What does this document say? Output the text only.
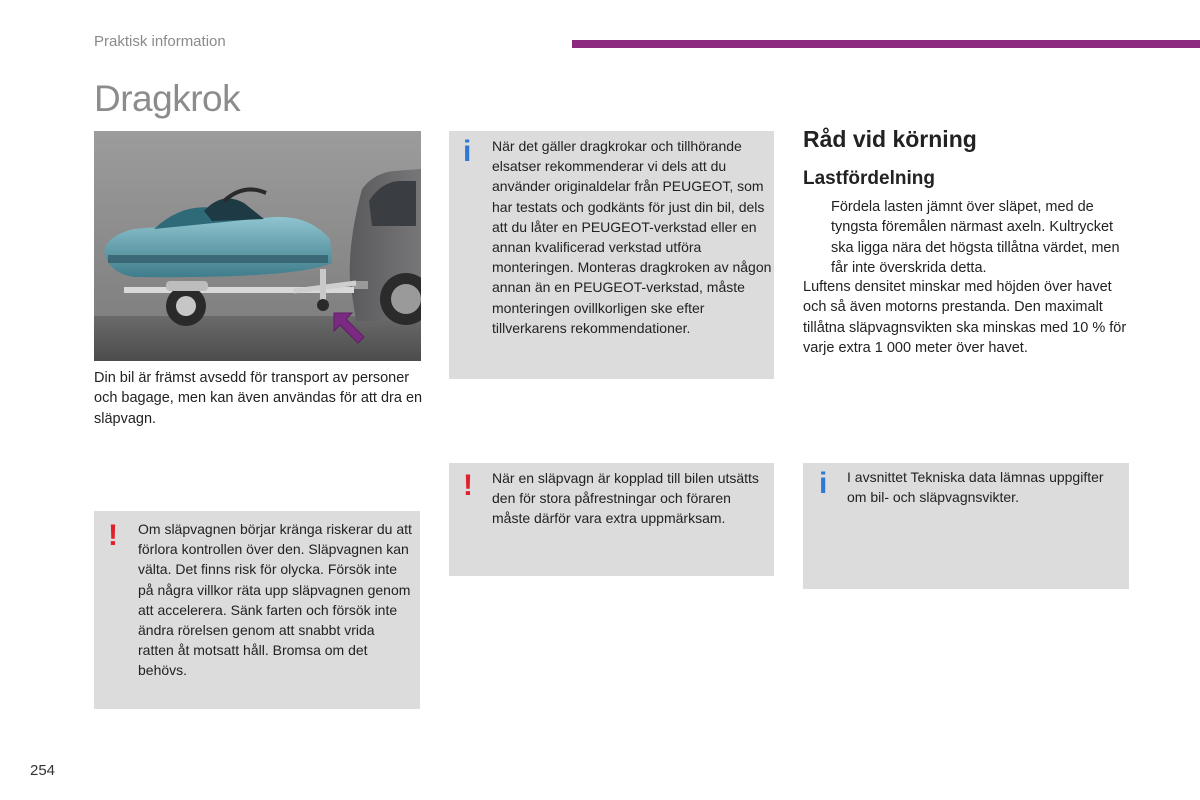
Praktisk information
Dragkrok
Din bil är främst avsedd för transport av personer och bagage, men kan även användas för att dra en släpvagn.
! Om släpvagnen börjar kränga riskerar du att förlora kontrollen över den. Släpvagnen kan välta. Det finns risk för olycka. Försök inte på några villkor räta upp släpvagnen genom att accelerera. Sänk farten och försök inte ändra rörelsen genom att snabbt vrida ratten åt motsatt håll. Bromsa om det behövs.
i När det gäller dragkrokar och tillhörande elsatser rekommenderar vi dels att du använder originaldelar från PEUGEOT, som har testats och godkänts för just din bil, dels att du låter en PEUGEOT-verkstad eller en annan kvalificerad verkstad utföra monteringen. Monteras dragkroken av någon annan än en PEUGEOT-verkstad, måste monteringen ovillkorligen ske efter tillverkarens rekommendationer.
! När en släpvagn är kopplad till bilen utsätts den för stora påfrestningar och föraren måste därför vara extra uppmärksam.
i I avsnittet Tekniska data lämnas uppgifter om bil- och släpvagnsvikter.
Råd vid körning
Lastfördelning
Fördela lasten jämnt över släpet, med de tyngsta föremålen närmast axeln. Kultrycket ska ligga nära det högsta tillåtna värdet, men får inte överskrida detta.
Luftens densitet minskar med höjden över havet och så även motorns prestanda. Den maximalt tillåtna släpvagnsvikten ska minskas med 10 % för varje extra 1 000 meter över havet.
254
